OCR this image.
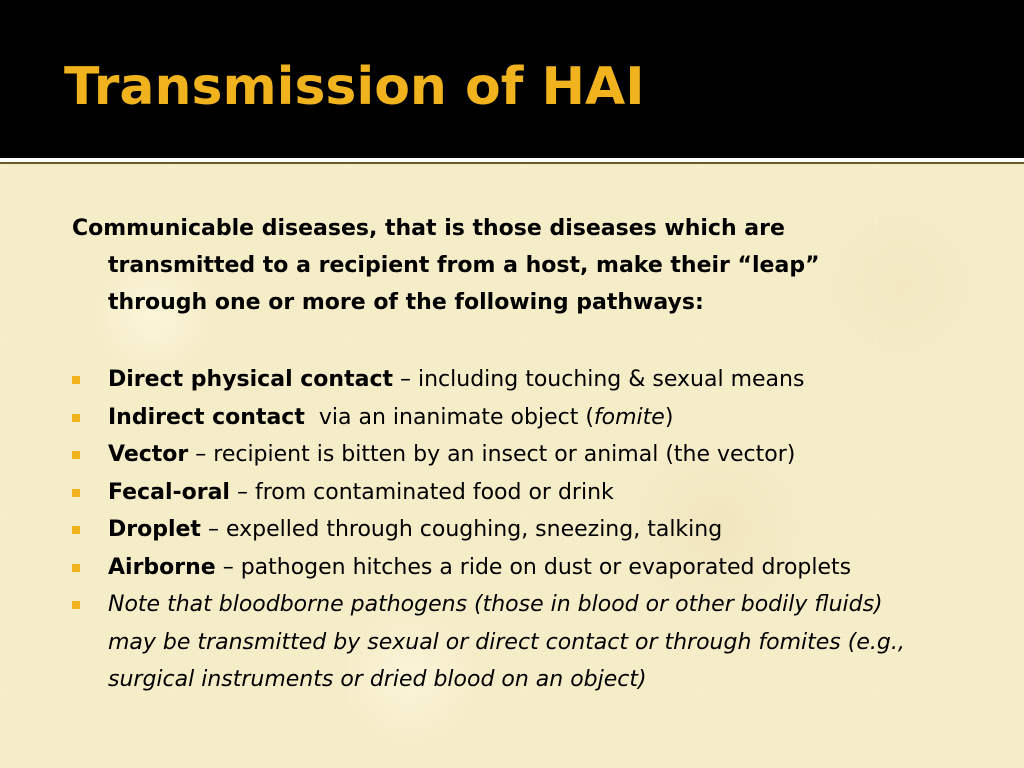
Transmission of HAI

Communicable diseases, that is those diseases which are transmitted to a recipient from a host, make their “leap” through one or more of the following pathways:

Direct physical contact – including touching & sexual means
Indirect contact  via an inanimate object (fomite)
Vector – recipient is bitten by an insect or animal (the vector)
Fecal-oral – from contaminated food or drink
Droplet – expelled through coughing, sneezing, talking
Airborne – pathogen hitches a ride on dust or evaporated droplets
Note that bloodborne pathogens (those in blood or other bodily fluids) may be transmitted by sexual or direct contact or through fomites (e.g., surgical instruments or dried blood on an object)
